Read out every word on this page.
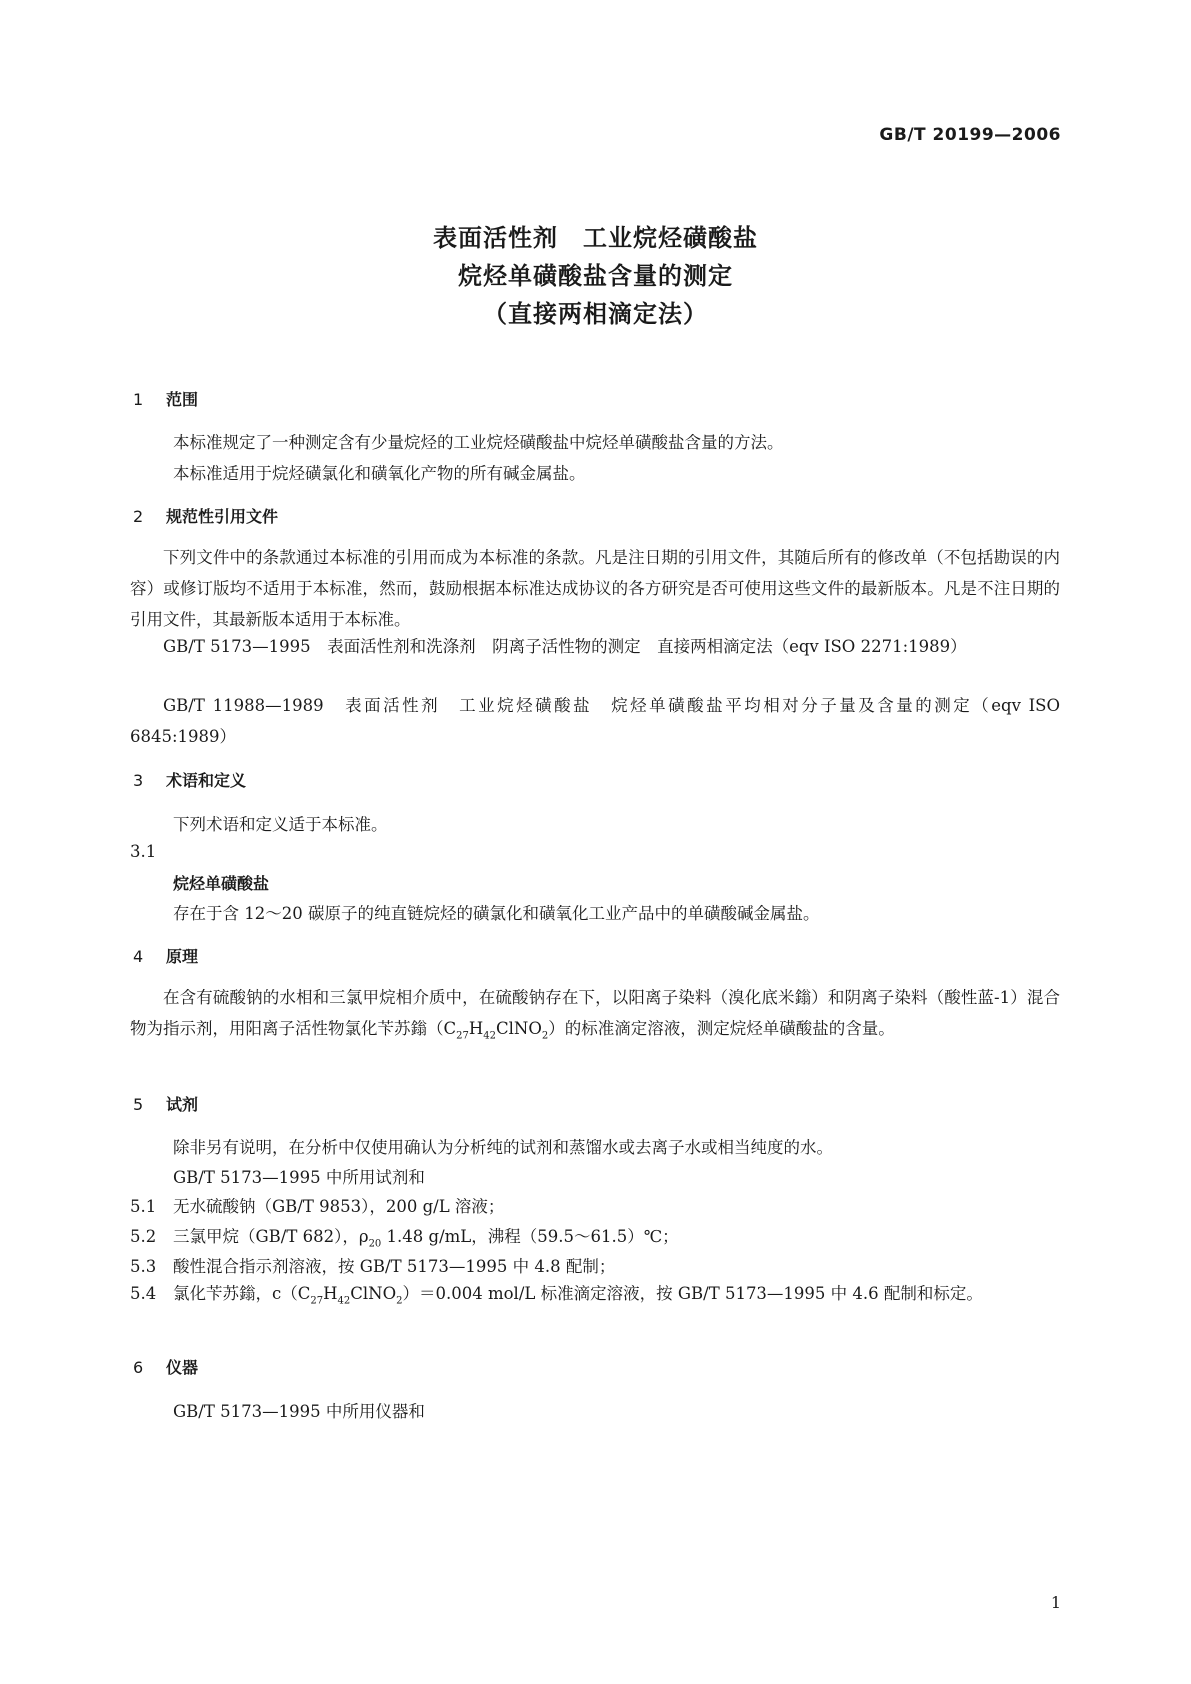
GB/T 20199—2006
表面活性剂　工业烷烃磺酸盐
烷烃单磺酸盐含量的测定
（直接两相滴定法）
1 范围
本标准规定了一种测定含有少量烷烃的工业烷烃磺酸盐中烷烃单磺酸盐含量的方法。
本标准适用于烷烃磺氯化和磺氧化产物的所有碱金属盐。
2 规范性引用文件
下列文件中的条款通过本标准的引用而成为本标准的条款。凡是注日期的引用文件，其随后所有的修改单（不包括勘误的内容）或修订版均不适用于本标准，然而，鼓励根据本标准达成协议的各方研究是否可使用这些文件的最新版本。凡是不注日期的引用文件，其最新版本适用于本标准。
GB/T 5173—1995　表面活性剂和洗涤剂　阴离子活性物的测定　直接两相滴定法（eqv ISO 2271:1989）
GB/T 11988—1989　表面活性剂　工业烷烃磺酸盐　烷烃单磺酸盐平均相对分子量及含量的测定（eqv ISO 6845:1989）
3 术语和定义
下列术语和定义适于本标准。
3.1
烷烃单磺酸盐
存在于含 12～20 碳原子的纯直链烷烃的磺氯化和磺氧化工业产品中的单磺酸碱金属盐。
4 原理
在含有硫酸钠的水相和三氯甲烷相介质中，在硫酸钠存在下，以阳离子染料（溴化底米鎓）和阴离子染料（酸性蓝-1）混合物为指示剂，用阳离子活性物氯化苄苏鎓$(C_{27}H_{42}ClNO_2)$的标准滴定溶液，测定烷烃单磺酸盐的含量。
5 试剂
除非另有说明，在分析中仅使用确认为分析纯的试剂和蒸馏水或去离子水或相当纯度的水。
GB/T 5173—1995 中所用试剂和
5.1 无水硫酸钠（GB/T 9853），200 g/L 溶液；
5.2 三氯甲烷（GB/T 682），$\rho_{20}$ 1.48 g/mL，沸程（59.5～61.5）℃；
5.3 酸性混合指示剂溶液，按 GB/T 5173—1995 中 4.8 配制；
5.4 氯化苄苏鎓，$c(C_{27}H_{42}ClNO_2)=0.004$ mol/L 标准滴定溶液，按 GB/T 5173—1995 中 4.6 配制和标定。
6 仪器
GB/T 5173—1995 中所用仪器和
1
